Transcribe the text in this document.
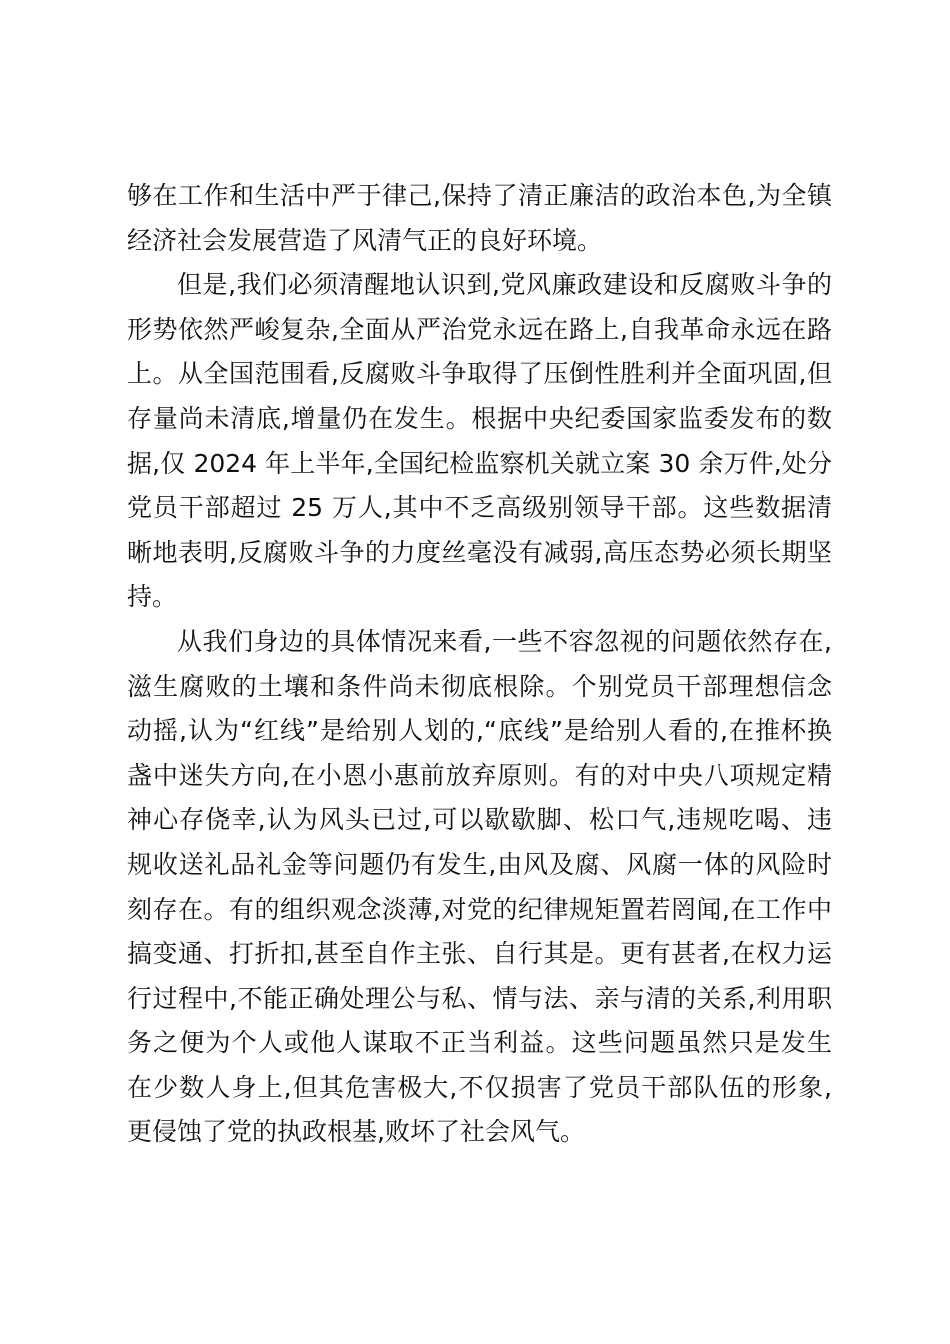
够在工作和生活中严于律己,保持了清正廉洁的政治本色,为全镇
经济社会发展营造了风清气正的良好环境。
但是,我们必须清醒地认识到,党风廉政建设和反腐败斗争的
形势依然严峻复杂,全面从严治党永远在路上,自我革命永远在路
上。从全国范围看,反腐败斗争取得了压倒性胜利并全面巩固,但
存量尚未清底,增量仍在发生。根据中央纪委国家监委发布的数
据,仅 2024 年上半年,全国纪检监察机关就立案 30 余万件,处分
党员干部超过 25 万人,其中不乏高级别领导干部。这些数据清
晰地表明,反腐败斗争的力度丝毫没有减弱,高压态势必须长期坚
持。
从我们身边的具体情况来看,一些不容忽视的问题依然存在,
滋生腐败的土壤和条件尚未彻底根除。个别党员干部理想信念
动摇,认为“红线”是给别人划的,“底线”是给别人看的,在推杯换
盏中迷失方向,在小恩小惠前放弃原则。有的对中央八项规定精
神心存侥幸,认为风头已过,可以歇歇脚、松口气,违规吃喝、违
规收送礼品礼金等问题仍有发生,由风及腐、风腐一体的风险时
刻存在。有的组织观念淡薄,对党的纪律规矩置若罔闻,在工作中
搞变通、打折扣,甚至自作主张、自行其是。更有甚者,在权力运
行过程中,不能正确处理公与私、情与法、亲与清的关系,利用职
务之便为个人或他人谋取不正当利益。这些问题虽然只是发生
在少数人身上,但其危害极大,不仅损害了党员干部队伍的形象,
更侵蚀了党的执政根基,败坏了社会风气。
